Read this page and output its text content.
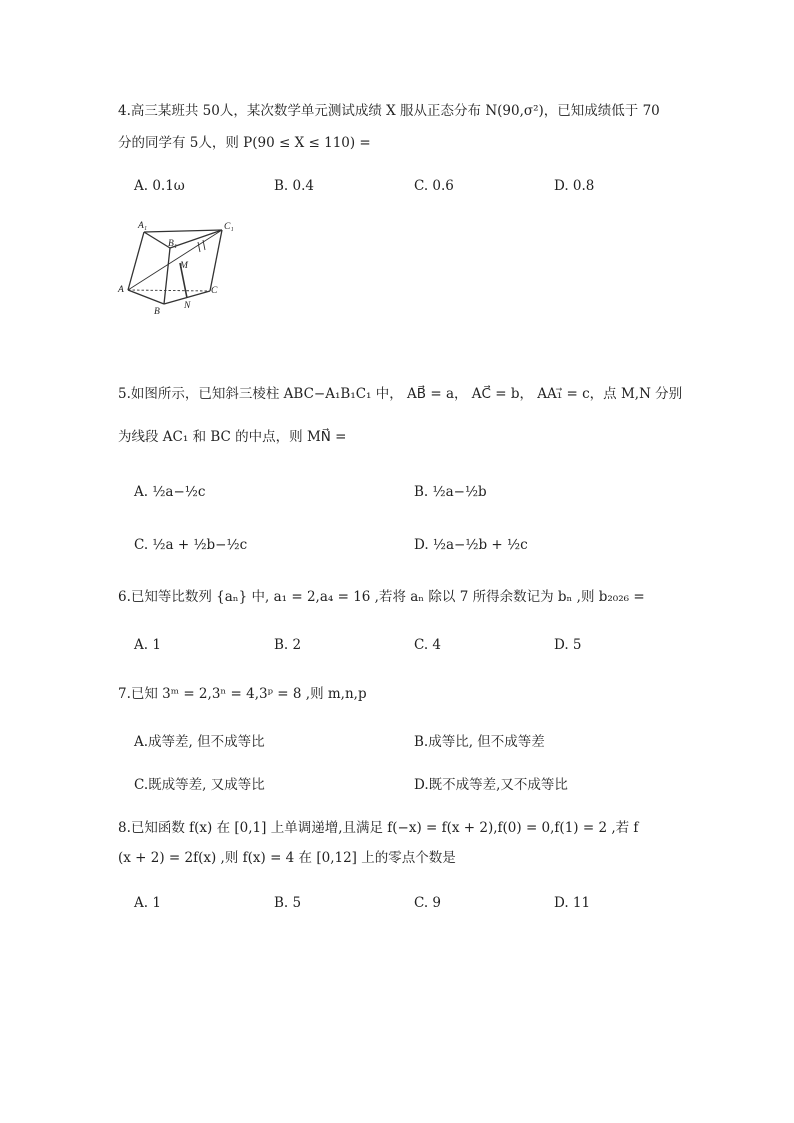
4.高三某班共 50人，某次数学单元测试成绩 X 服从正态分布 N(90,σ²)，已知成绩低于 70
分的同学有 5人，则 P(90 ≤ X ≤ 110) =
A. 0.1ω	B. 0.4	C. 0.6	D. 0.8
A₁	C₁
B₁
M
A	C
B
N
5.如图所示，已知斜三棱柱 ABC−A₁B₁C₁ 中， AB⃗ = a， AC⃗ = b， AA₁⃗ = c，点 M,N 分别
为线段 AC₁ 和 BC 的中点，则 MN⃗ =
A. ½a−½c	B. ½a−½b
C. ½a + ½b−½c	D. ½a−½b + ½c
6.已知等比数列 {aₙ} 中, a₁ = 2,a₄ = 16 ,若将 aₙ 除以 7 所得余数记为 bₙ ,则 b₂₀₂₆ =
A. 1	B. 2	C. 4	D. 5
7.已知 3ᵐ = 2,3ⁿ = 4,3ᵖ = 8 ,则 m,n,p
A.成等差, 但不成等比	B.成等比, 但不成等差
C.既成等差, 又成等比	D.既不成等差,又不成等比
8.已知函数 f(x) 在 [0,1] 上单调递增,且满足 f(−x) = f(x + 2),f(0) = 0,f(1) = 2 ,若 f
(x + 2) = 2f(x) ,则 f(x) = 4 在 [0,12] 上的零点个数是
A. 1	B. 5	C. 9	D. 11
